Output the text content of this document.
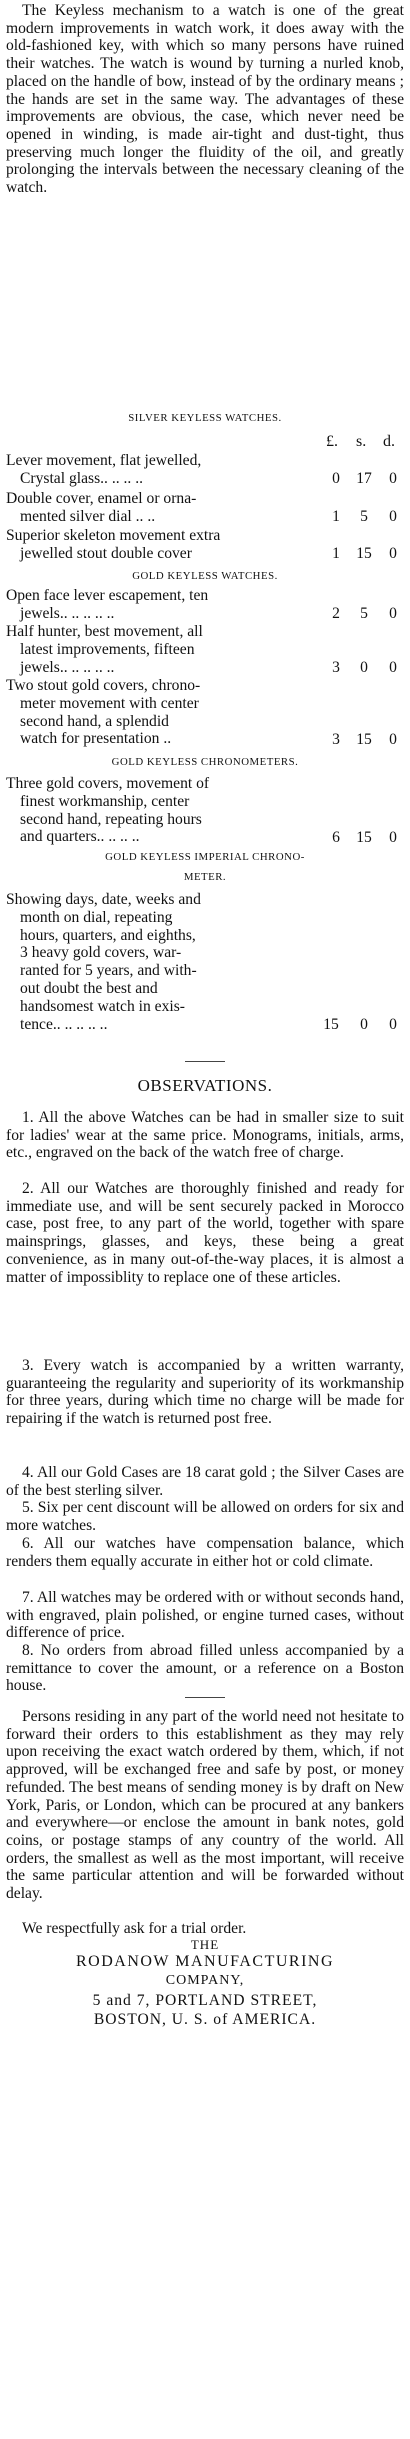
The Keyless mechanism to a watch is one of the great modern improvements in watch work, it does away with the old-fashioned key, with which so many persons have ruined their watches. The watch is wound by turning a nurled knob, placed on the handle of bow, instead of by the ordinary means ; the hands are set in the same way. The advantages of these improvements are obvious, the case, which never need be opened in winding, is made air-tight and dust-tight, thus preserving much longer the fluidity of the oil, and greatly prolonging the intervals between the necessary cleaning of the watch.
SILVER KEYLESS WATCHES.
£. s. d.
Lever movement, flat jewelled,
Crystal glass.. .. .. ..	0	17	0
Double cover, enamel or orna-
mented silver dial .. ..	1	5	0
Superior skeleton movement extra
jewelled stout double cover	1	15	0
GOLD KEYLESS WATCHES.
Open face lever escapement, ten
jewels.. .. .. .. ..	2	5	0
Half hunter, best movement, all
latest improvements, fifteen
jewels.. .. .. .. ..	3	0	0
Two stout gold covers, chrono-
meter movement with center
second hand, a splendid
watch for presentation ..	3	15	0
GOLD KEYLESS CHRONOMETERS.
Three gold covers, movement of
finest workmanship, center
second hand, repeating hours
and quarters.. .. .. ..	6	15	0
GOLD KEYLESS IMPERIAL CHRONO-
METER.
Showing days, date, weeks and
month on dial, repeating
hours, quarters, and eighths,
3 heavy gold covers, war-
ranted for 5 years, and with-
out doubt the best and
handsomest watch in exis-
tence.. .. .. .. ..	15	0	0
OBSERVATIONS.
1. All the above Watches can be had in smaller size to suit for ladies' wear at the same price. Monograms, initials, arms, etc., engraved on the back of the watch free of charge.
2. All our Watches are thoroughly finished and ready for immediate use, and will be sent securely packed in Morocco case, post free, to any part of the world, together with spare mainsprings, glasses, and keys, these being a great convenience, as in many out-of-the-way places, it is almost a matter of impossiblity to replace one of these articles.
3. Every watch is accompanied by a written warranty, guaranteeing the regularity and superiority of its workmanship for three years, during which time no charge will be made for repairing if the watch is returned post free.
4. All our Gold Cases are 18 carat gold ; the Silver Cases are of the best sterling silver.
5. Six per cent discount will be allowed on orders for six and more watches.
6. All our watches have compensation balance, which renders them equally accurate in either hot or cold climate.
7. All watches may be ordered with or without seconds hand, with engraved, plain polished, or engine turned cases, without difference of price.
8. No orders from abroad filled unless accompanied by a remittance to cover the amount, or a reference on a Boston house.
Persons residing in any part of the world need not hesitate to forward their orders to this establishment as they may rely upon receiving the exact watch ordered by them, which, if not approved, will be exchanged free and safe by post, or money refunded. The best means of sending money is by draft on New York, Paris, or London, which can be procured at any bankers and everywhere—or enclose the amount in bank notes, gold coins, or postage stamps of any country of the world. All orders, the smallest as well as the most important, will receive the same particular attention and will be forwarded without delay.
We respectfully ask for a trial order.
THE
RODANOW MANUFACTURING
COMPANY,
5 and 7, PORTLAND STREET,
BOSTON, U. S. of AMERICA.
